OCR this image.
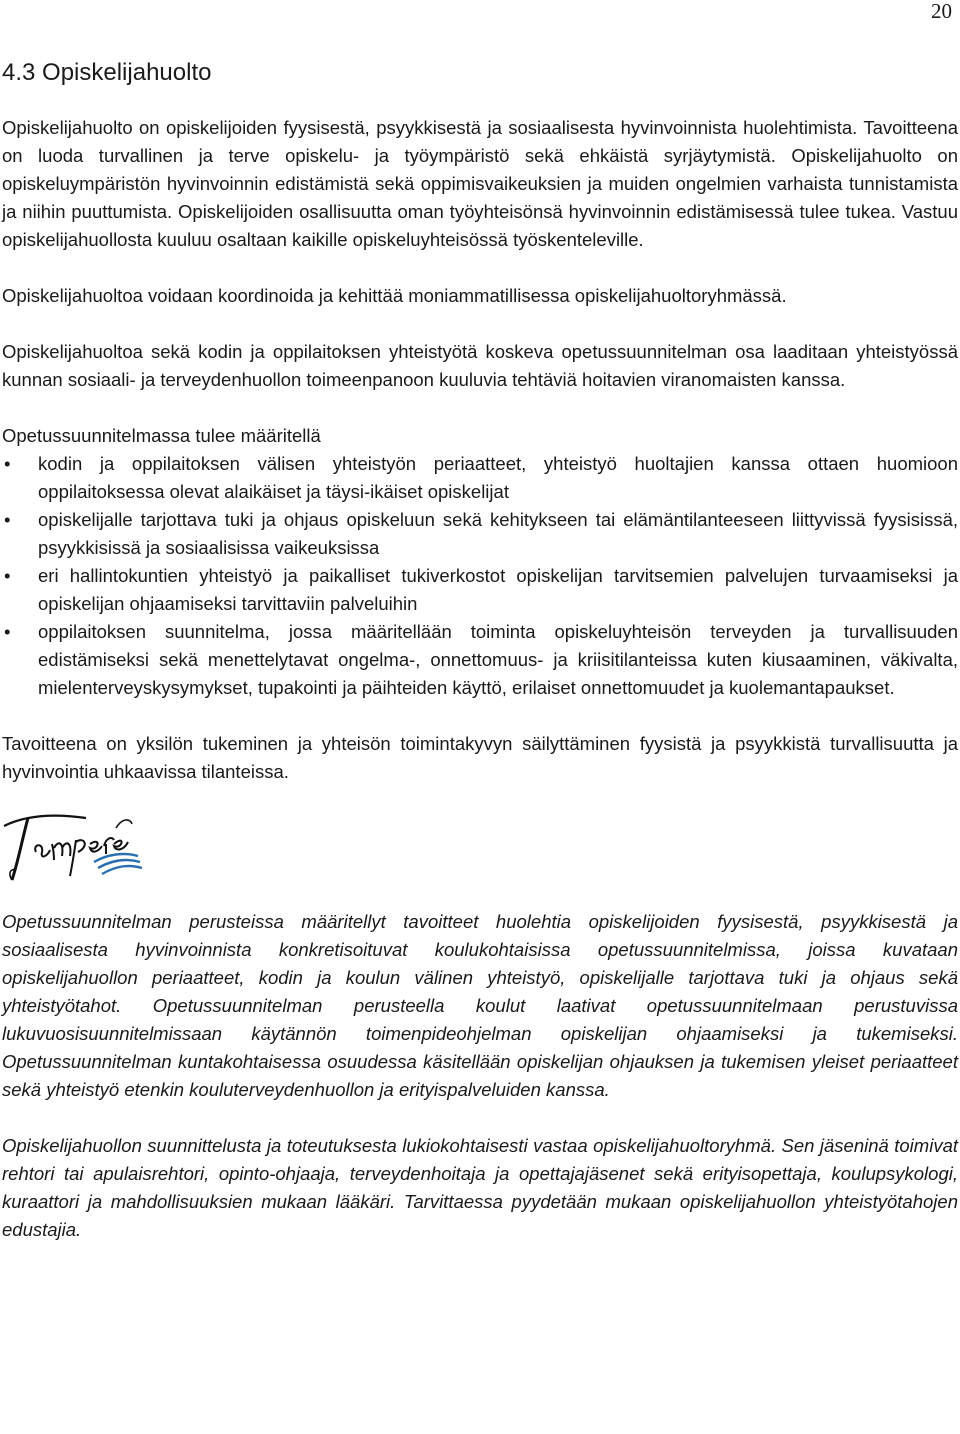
20
4.3 Opiskelijahuolto

Opiskelijahuolto on opiskelijoiden fyysisestä, psyykkisestä ja sosiaalisesta hyvinvoinnista huolehtimista. Tavoitteena on luoda turvallinen ja terve opiskelu- ja työympäristö sekä ehkäistä syrjäytymistä. Opiskelijahuolto on opiskeluympäristön hyvinvoinnin edistämistä sekä oppimisvaikeuksien ja muiden ongelmien varhaista tunnistamista ja niihin puuttumista. Opiskelijoiden osallisuutta oman työyhteisönsä hyvinvoinnin edistämisessä tulee tukea. Vastuu opiskelijahuollosta kuuluu osaltaan kaikille opiskeluyhteisössä työskenteleville.

Opiskelijahuoltoa voidaan koordinoida ja kehittää moniammatillisessa opiskelijahuoltoryhmässä.

Opiskelijahuoltoa sekä kodin ja oppilaitoksen yhteistyötä koskeva opetussuunnitelman osa laaditaan yhteistyössä kunnan sosiaali- ja terveydenhuollon toimeenpanoon kuuluvia tehtäviä hoitavien viranomaisten kanssa.

Opetussuunnitelmassa tulee määritellä

• kodin ja oppilaitoksen välisen yhteistyön periaatteet, yhteistyö huoltajien kanssa ottaen huomioon oppilaitoksessa olevat alaikäiset ja täysi-ikäiset opiskelijat
• opiskelijalle tarjottava tuki ja ohjaus opiskeluun sekä kehitykseen tai elämäntilanteeseen liittyvissä fyysisissä, psyykkisissä ja sosiaalisissa vaikeuksissa
• eri hallintokuntien yhteistyö ja paikalliset tukiverkostot opiskelijan tarvitsemien palvelujen turvaamiseksi ja opiskelijan ohjaamiseksi tarvittaviin palveluihin
• oppilaitoksen suunnitelma, jossa määritellään toiminta opiskeluyhteisön terveyden ja turvallisuuden edistämiseksi sekä menettelytavat ongelma-, onnettomuus- ja kriisitilanteissa kuten kiusaaminen, väkivalta, mielenterveyskysymykset, tupakointi ja päihteiden käyttö, erilaiset onnettomuudet ja kuolemantapaukset.

Tavoitteena on yksilön tukeminen ja yhteisön toimintakyvyn säilyttäminen fyysistä ja psyykkistä turvallisuutta ja hyvinvointia uhkaavissa tilanteissa.

Opetussuunnitelman perusteissa määritellyt tavoitteet huolehtia opiskelijoiden fyysisestä, psyykkisestä ja sosiaalisesta hyvinvoinnista konkretisoituvat koulukohtaisissa opetussuunnitelmissa, joissa kuvataan opiskelijahuollon periaatteet, kodin ja koulun välinen yhteistyö, opiskelijalle tarjottava tuki ja ohjaus sekä yhteistyötahot. Opetussuunnitelman perusteella koulut laativat opetussuunnitelmaan perustuvissa lukuvuosisuunnitelmissaan käytännön toimenpideohjelman opiskelijan ohjaamiseksi ja tukemiseksi. Opetussuunnitelman kuntakohtaisessa osuudessa käsitellään opiskelijan ohjauksen ja tukemisen yleiset periaatteet sekä yhteistyö etenkin kouluterveydenhuollon ja erityispalveluiden kanssa.

Opiskelijahuollon suunnittelusta ja toteutuksesta lukiokohtaisesti vastaa opiskelijahuoltoryhmä. Sen jäseninä toimivat rehtori tai apulaisrehtori, opinto-ohjaaja, terveydenhoitaja ja opettajajäsenet sekä erityisopettaja, koulupsykologi, kuraattori ja mahdollisuuksien mukaan lääkäri. Tarvittaessa pyydetään mukaan opiskelijahuollon yhteistyötahojen edustajia.
